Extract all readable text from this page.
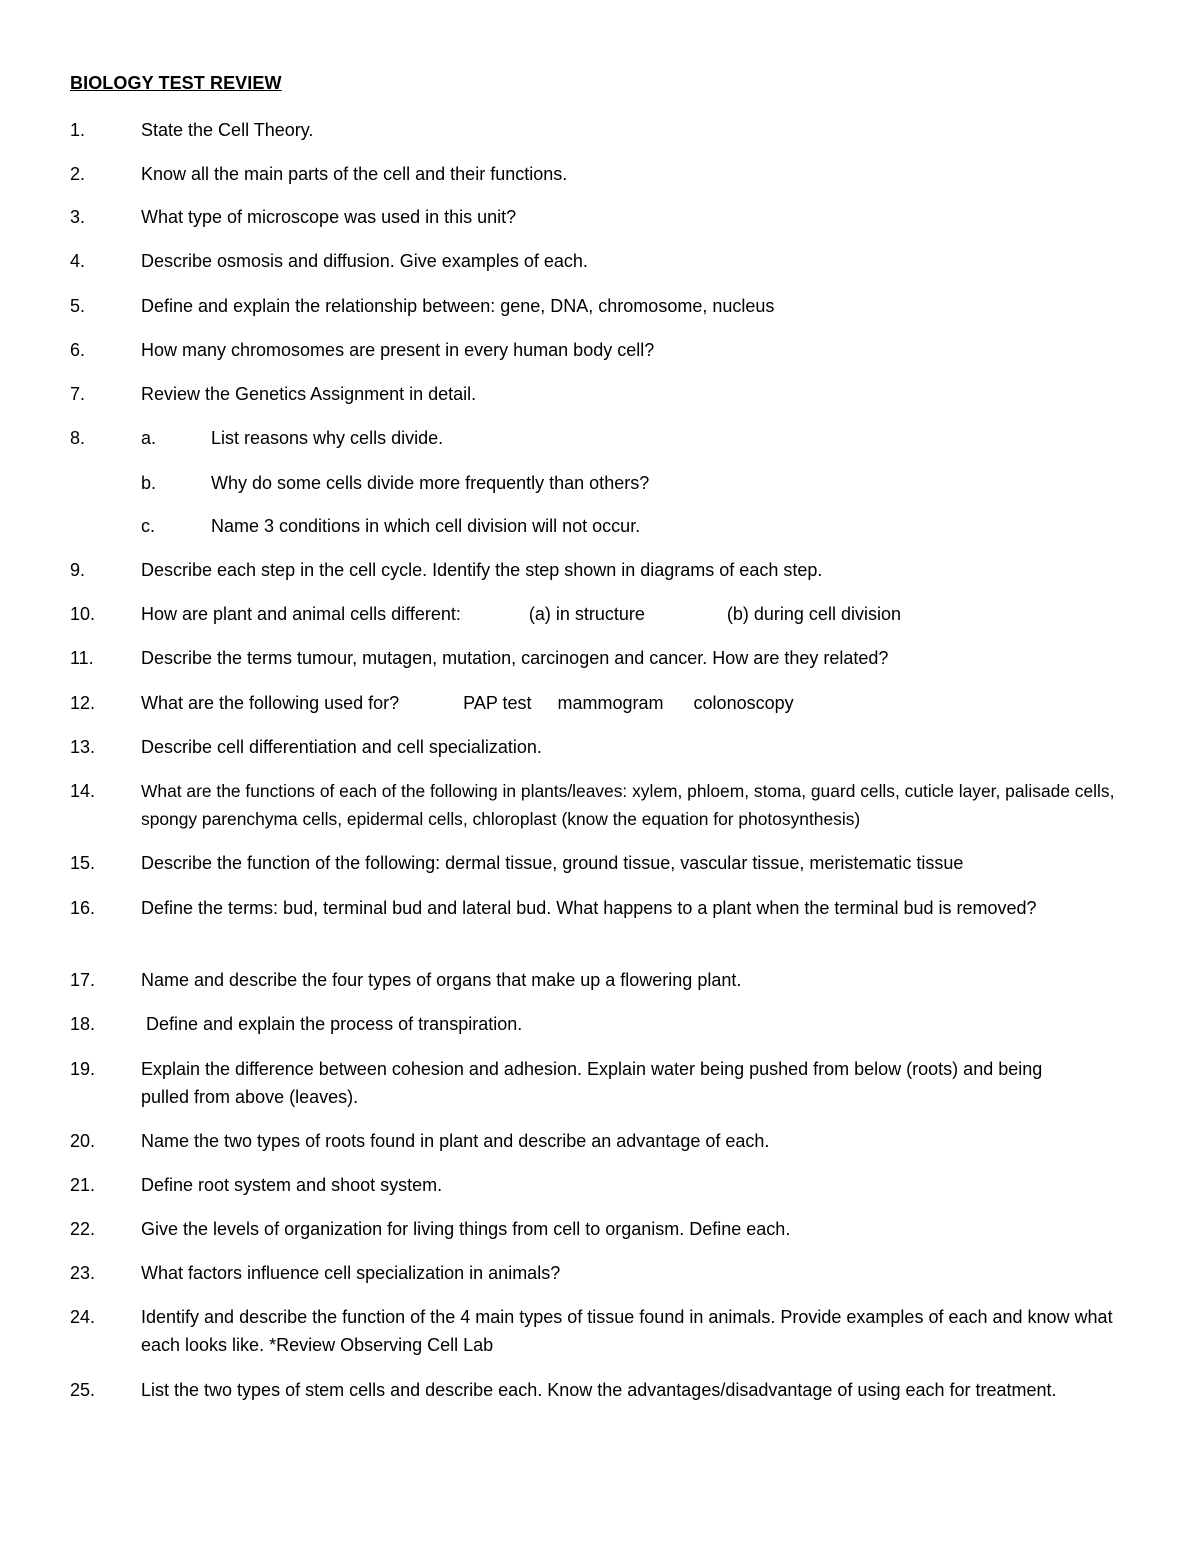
BIOLOGY TEST REVIEW
1.	State the Cell Theory.
2.	Know all the main parts of the cell and their functions.
3.	What type of microscope was used in this unit?
4.	Describe osmosis and diffusion. Give examples of each.
5.	Define and explain the relationship between: gene, DNA, chromosome, nucleus
6.	How many chromosomes are present in every human body cell?
7.	Review the Genetics Assignment in detail.
8.	a.	List reasons why cells divide.
b.	Why do some cells divide more frequently than others?
c.	Name 3 conditions in which cell division will not occur.
9.	Describe each step in the cell cycle. Identify the step shown in diagrams of each step.
10.	How are plant and animal cells different:	(a) in structure	(b) during cell division
11.	Describe the terms tumour, mutagen, mutation, carcinogen and cancer. How are they related?
12.	What are the following used for?	PAP test mammogram colonoscopy
13.	Describe cell differentiation and cell specialization.
14.	What are the functions of each of the following in plants/leaves: xylem, phloem, stoma, guard cells, cuticle layer, palisade cells, spongy parenchyma cells, epidermal cells, chloroplast (know the equation for photosynthesis)
15.	Describe the function of the following: dermal tissue, ground tissue, vascular tissue, meristematic tissue
16.	Define the terms: bud, terminal bud and lateral bud. What happens to a plant when the terminal bud is removed?
17.	Name and describe the four types of organs that make up a flowering plant.
18.	Define and explain the process of transpiration.
19.	Explain the difference between cohesion and adhesion. Explain water being pushed from below (roots) and being pulled from above (leaves).
20.	Name the two types of roots found in plant and describe an advantage of each.
21.	Define root system and shoot system.
22.	Give the levels of organization for living things from cell to organism. Define each.
23.	What factors influence cell specialization in animals?
24.	Identify and describe the function of the 4 main types of tissue found in animals. Provide examples of each and know what each looks like. *Review Observing Cell Lab
25.	List the two types of stem cells and describe each. Know the advantages/disadvantage of using each for treatment.
